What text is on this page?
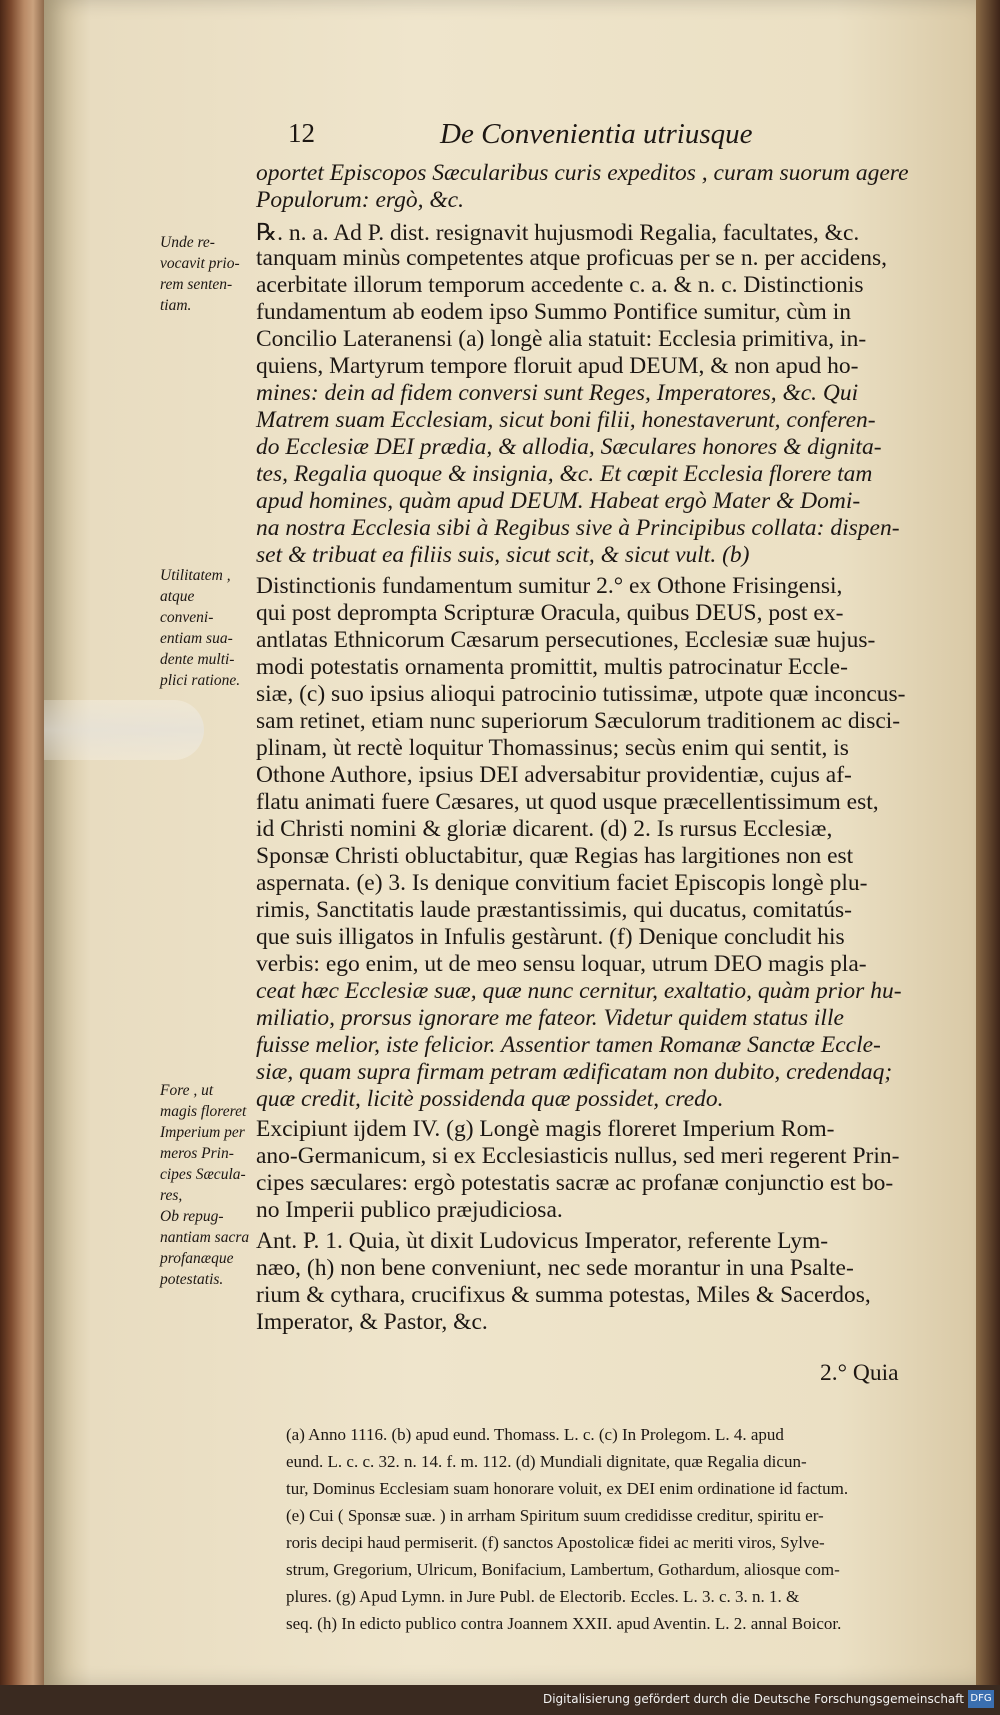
12	De Convenientia utriusque
Unde re-
vocavit prio-
rem senten-
tiam.
Utilitatem ,
atque conveni-
entiam sua-
dente multi-
plici ratione.
Fore , ut
magis floreret
Imperium per
meros Prin-
cipes Sæcula-
res,
Ob repug-
nantiam sacra
profanæque
potestatis.
oportet Episcopos Sæcularibus curis expeditos , curam suorum agere
Populorum: ergò, &c.
℞. n. a. Ad P. dist. resignavit hujusmodi Regalia, facultates, &c.
tanquam minùs competentes atque proficuas per se n. per accidens,
acerbitate illorum temporum accedente c. a. & n. c. Distinctionis
fundamentum ab eodem ipso Summo Pontifice sumitur, cùm in
Concilio Lateranensi (a) longè alia statuit: Ecclesia primitiva, in-
quiens, Martyrum tempore floruit apud DEUM, & non apud ho-
mines: dein ad fidem conversi sunt Reges, Imperatores, &c. Qui
Matrem suam Ecclesiam, sicut boni filii, honestaverunt, conferen-
do Ecclesiæ DEI prædia, & allodia, Sæculares honores & dignita-
tes, Regalia quoque & insignia, &c. Et cœpit Ecclesia florere tam
apud homines, quàm apud DEUM. Habeat ergò Mater & Domi-
na nostra Ecclesia sibi à Regibus sive à Principibus collata: dispen-
set & tribuat ea filiis suis, sicut scit, & sicut vult. (b)
Distinctionis fundamentum sumitur 2.° ex Othone Frisingensi,
qui post deprompta Scripturæ Oracula, quibus DEUS, post ex-
antlatas Ethnicorum Cæsarum persecutiones, Ecclesiæ suæ hujus-
modi potestatis ornamenta promittit, multis patrocinatur Eccle-
siæ, (c) suo ipsius alioqui patrocinio tutissimæ, utpote quæ inconcus-
sam retinet, etiam nunc superiorum Sæculorum traditionem ac disci-
plinam, ùt rectè loquitur Thomassinus; secùs enim qui sentit, is
Othone Authore, ipsius DEI adversabitur providentiæ, cujus af-
flatu animati fuere Cæsares, ut quod usque præcellentissimum est,
id Christi nomini & gloriæ dicarent. (d) 2. Is rursus Ecclesiæ,
Sponsæ Christi obluctabitur, quæ Regias has largitiones non est
aspernata. (e) 3. Is denique convitium faciet Episcopis longè plu-
rimis, Sanctitatis laude præstantissimis, qui ducatus, comitatús-
que suis illigatos in Infulis gestàrunt. (f) Denique concludit his
verbis: ego enim, ut de meo sensu loquar, utrum DEO magis pla-
ceat hæc Ecclesiæ suæ, quæ nunc cernitur, exaltatio, quàm prior hu-
miliatio, prorsus ignorare me fateor. Videtur quidem status ille
fuisse melior, iste felicior. Assentior tamen Romanæ Sanctæ Eccle-
siæ, quam supra firmam petram ædificatam non dubito, credendaq;
quæ credit, licitè possidenda quæ possidet, credo.
Excipiunt ijdem IV. (g) Longè magis floreret Imperium Rom-
ano-Germanicum, si ex Ecclesiasticis nullus, sed meri regerent Prin-
cipes sæculares: ergò potestatis sacræ ac profanæ conjunctio est bo-
no Imperii publico præjudiciosa.
Ant. P. 1. Quia, ùt dixit Ludovicus Imperator, referente Lym-
næo, (h) non bene conveniunt, nec sede morantur in una Psalte-
rium & cythara, crucifixus & summa potestas, Miles & Sacerdos,
Imperator, & Pastor, &c.
2.° Quia
(a) Anno 1116. (b) apud eund. Thomass. L. c. (c) In Prolegom. L. 4. apud
eund. L. c. c. 32. n. 14. f. m. 112. (d) Mundiali dignitate, quæ Regalia dicun-
tur, Dominus Ecclesiam suam honorare voluit, ex DEI enim ordinatione id factum.
(e) Cui ( Sponsæ suæ. ) in arrham Spiritum suum credidisse creditur, spiritu er-
roris decipi haud permiserit. (f) sanctos Apostolicæ fidei ac meriti viros, Sylve-
strum, Gregorium, Ulricum, Bonifacium, Lambertum, Gothardum, aliosque com-
plures. (g) Apud Lymn. in Jure Publ. de Electorib. Eccles. L. 3. c. 3. n. 1. &
seq. (h) In edicto publico contra Joannem XXII. apud Aventin. L. 2. annal Boicor.
Digitalisierung gefördert durch die Deutsche Forschungsgemeinschaft DFG
